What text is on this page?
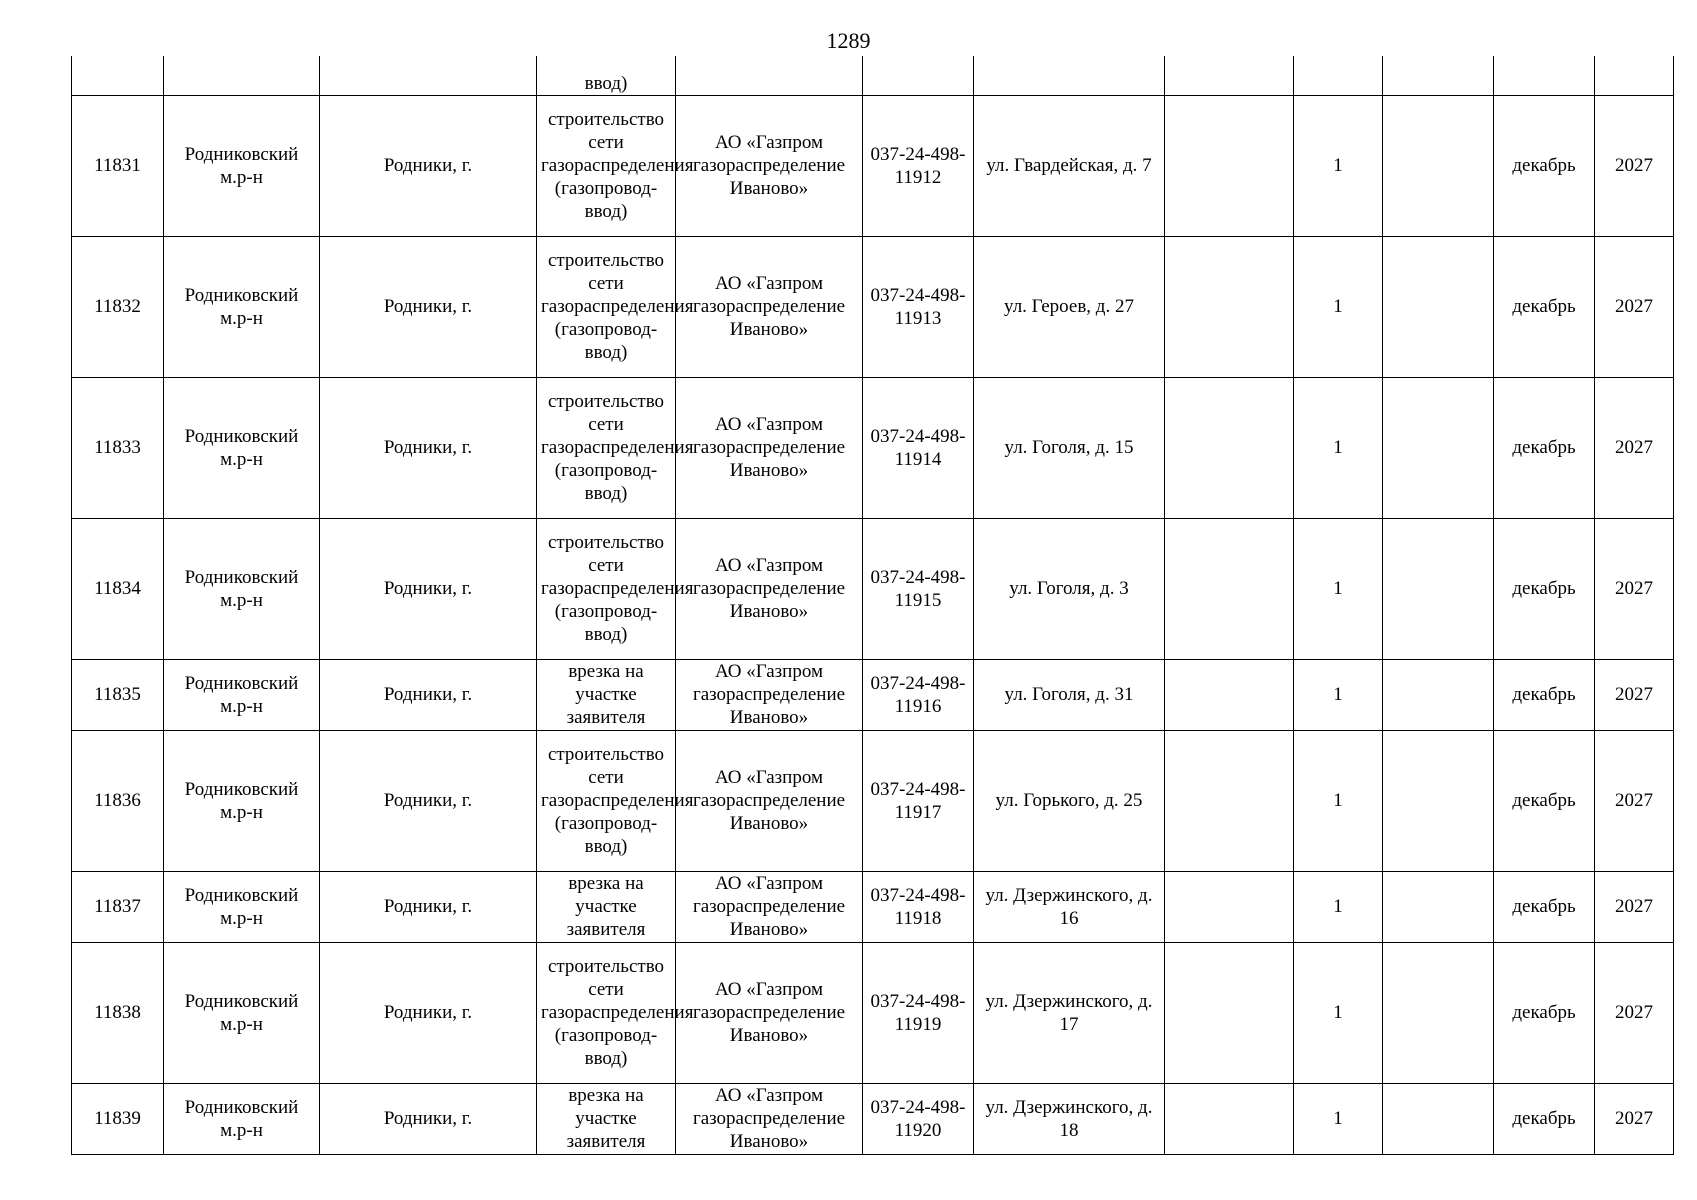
1289
			ввод)								
11831	Родниковский м.р-н	Родники, г.	строительство сети газораспределения (газопровод-ввод)	АО «Газпром газораспределение Иваново»	037-24-498-11912	ул. Гвардейская, д. 7		1		декабрь	2027
11832	Родниковский м.р-н	Родники, г.	строительство сети газораспределения (газопровод-ввод)	АО «Газпром газораспределение Иваново»	037-24-498-11913	ул. Героев, д. 27		1		декабрь	2027
11833	Родниковский м.р-н	Родники, г.	строительство сети газораспределения (газопровод-ввод)	АО «Газпром газораспределение Иваново»	037-24-498-11914	ул. Гоголя, д. 15		1		декабрь	2027
11834	Родниковский м.р-н	Родники, г.	строительство сети газораспределения (газопровод-ввод)	АО «Газпром газораспределение Иваново»	037-24-498-11915	ул. Гоголя, д. 3		1		декабрь	2027
11835	Родниковский м.р-н	Родники, г.	врезка на участке заявителя	АО «Газпром газораспределение Иваново»	037-24-498-11916	ул. Гоголя, д. 31		1		декабрь	2027
11836	Родниковский м.р-н	Родники, г.	строительство сети газораспределения (газопровод-ввод)	АО «Газпром газораспределение Иваново»	037-24-498-11917	ул. Горького, д. 25		1		декабрь	2027
11837	Родниковский м.р-н	Родники, г.	врезка на участке заявителя	АО «Газпром газораспределение Иваново»	037-24-498-11918	ул. Дзержинского, д. 16		1		декабрь	2027
11838	Родниковский м.р-н	Родники, г.	строительство сети газораспределения (газопровод-ввод)	АО «Газпром газораспределение Иваново»	037-24-498-11919	ул. Дзержинского, д. 17		1		декабрь	2027
11839	Родниковский м.р-н	Родники, г.	врезка на участке заявителя	АО «Газпром газораспределение Иваново»	037-24-498-11920	ул. Дзержинского, д. 18		1		декабрь	2027
